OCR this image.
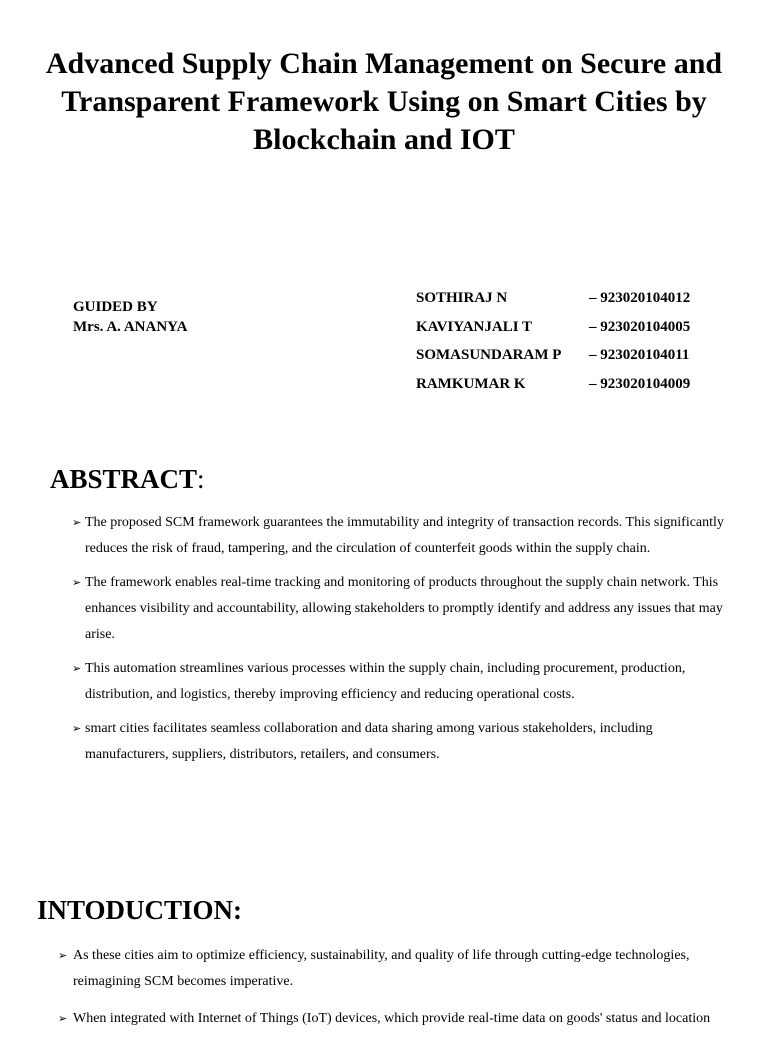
Advanced Supply Chain Management on Secure and Transparent Framework Using on Smart Cities by Blockchain and IOT
GUIDED BY
Mrs. A. ANANYA
SOTHIRAJ N	– 923020104012
KAVIYANJALI T	– 923020104005
SOMASUNDARAM P – 923020104011
RAMKUMAR K	– 923020104009
ABSTRACT:
➢ The proposed SCM framework guarantees the immutability and integrity of transaction records. This significantly reduces the risk of fraud, tampering, and the circulation of counterfeit goods within the supply chain.
➢ The framework enables real-time tracking and monitoring of products throughout the supply chain network. This enhances visibility and accountability, allowing stakeholders to promptly identify and address any issues that may arise.
➢ This automation streamlines various processes within the supply chain, including procurement, production, distribution, and logistics, thereby improving efficiency and reducing operational costs.
➢ smart cities facilitates seamless collaboration and data sharing among various stakeholders, including manufacturers, suppliers, distributors, retailers, and consumers.
INTODUCTION:
➢ As these cities aim to optimize efficiency, sustainability, and quality of life through cutting-edge technologies, reimagining SCM becomes imperative.
➢ When integrated with Internet of Things (IoT) devices, which provide real-time data on goods' status and location
